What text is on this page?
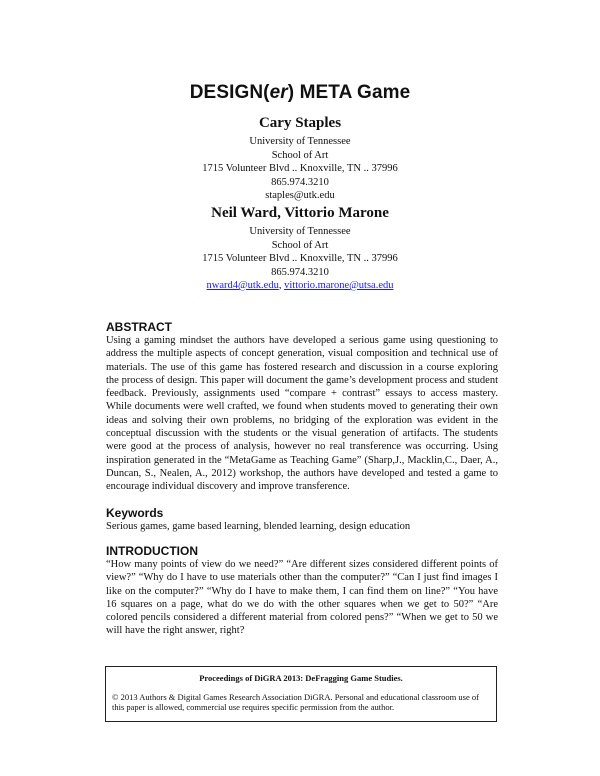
DESIGN(er) META Game
Cary Staples
University of Tennessee
School of Art
1715 Volunteer Blvd .. Knoxville, TN .. 37996
865.974.3210
staples@utk.edu
Neil Ward, Vittorio Marone
University of Tennessee
School of Art
1715 Volunteer Blvd .. Knoxville, TN .. 37996
865.974.3210
nward4@utk.edu, vittorio.marone@utsa.edu
ABSTRACT

Using a gaming mindset the authors have developed a serious game using questioning to address the multiple aspects of concept generation, visual composition and technical use of materials. The use of this game has fostered research and discussion in a course exploring the process of design. This paper will document the game’s development process and student feedback. Previously, assignments used “compare + contrast” essays to access mastery. While documents were well crafted, we found when students moved to generating their own ideas and solving their own problems, no bridging of the exploration was evident in the conceptual discussion with the students or the visual generation of artifacts. The students were good at the process of analysis, however no real transference was occurring. Using inspiration generated in the “MetaGame as Teaching Game” (Sharp,J., Macklin,C., Daer, A., Duncan, S., Nealen, A., 2012) workshop, the authors have developed and tested a game to encourage individual discovery and improve transference.

Keywords

Serious games, game based learning, blended learning, design education

INTRODUCTION

“How many points of view do we need?” “Are different sizes considered different points of view?” “Why do I have to use materials other than the computer?” “Can I just find images I like on the computer?” “Why do I have to make them, I can find them on line?” “You have 16 squares on a page, what do we do with the other squares when we get to 50?” “Are colored pencils considered a different material from colored pens?” “When we get to 50 we will have the right answer, right?

Proceedings of DiGRA 2013: DeFragging Game Studies.
© 2013 Authors & Digital Games Research Association DiGRA. Personal and educational classroom use of this paper is allowed, commercial use requires specific permission from the author.
